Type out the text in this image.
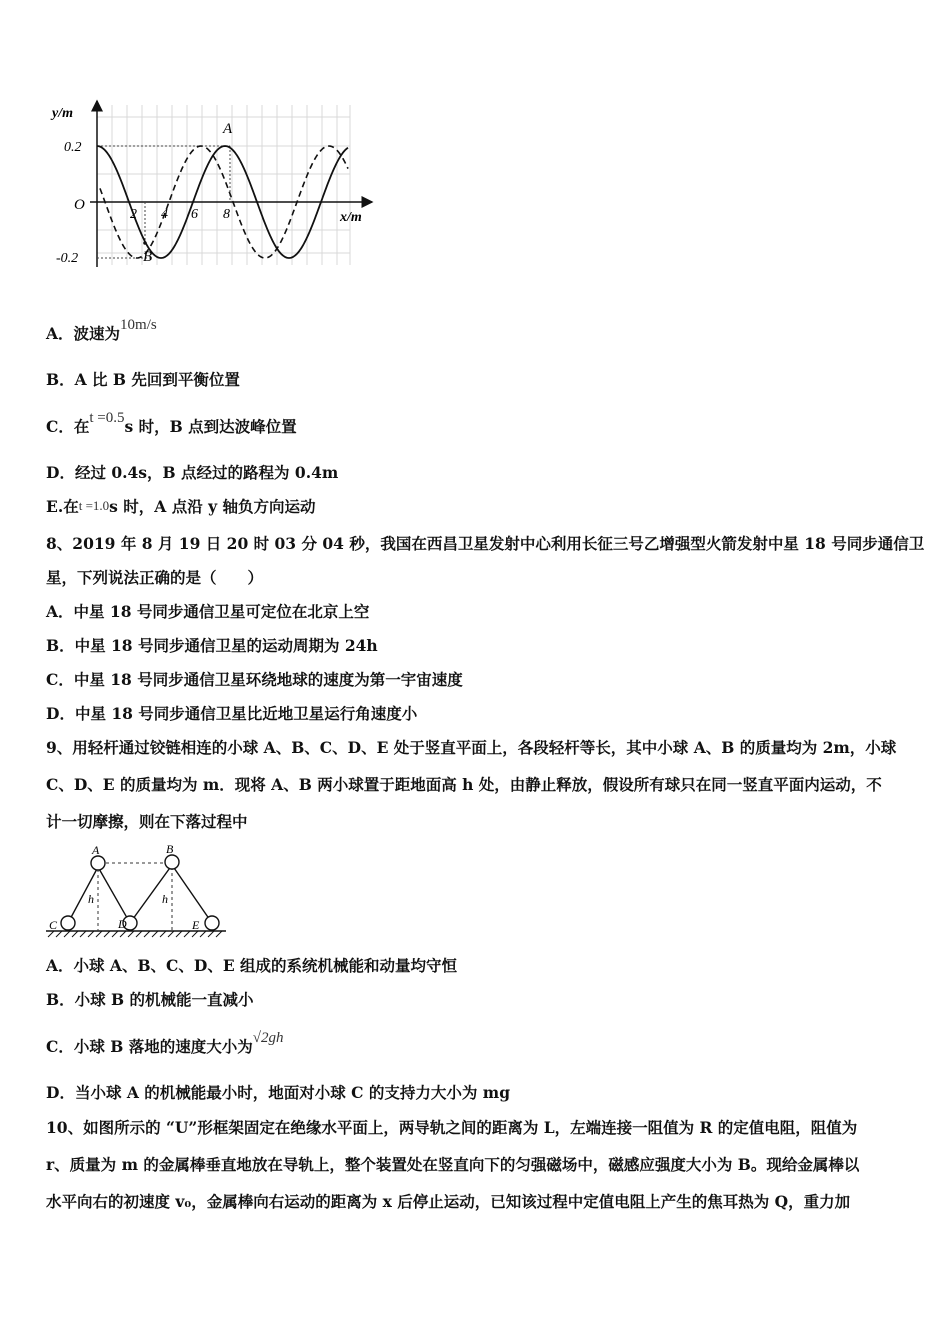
y/m
x/m
O
0.2
-0.2
2 4 6 8
A
B
A．波速为10m/s
B．A 比 B 先回到平衡位置
C．在t =0.5s 时，B 点到达波峰位置
D．经过 0.4s，B 点经过的路程为 0.4m
E.在t =1.0s 时，A 点沿 y 轴负方向运动
8、2019 年 8 月 19 日 20 时 03 分 04 秒，我国在西昌卫星发射中心利用长征三号乙增强型火箭发射中星 18 号同步通信卫
星，下列说法正确的是（　　）
A．中星 18 号同步通信卫星可定位在北京上空
B．中星 18 号同步通信卫星的运动周期为 24h
C．中星 18 号同步通信卫星环绕地球的速度为第一宇宙速度
D．中星 18 号同步通信卫星比近地卫星运行角速度小
9、用轻杆通过铰链相连的小球 A、B、C、D、E 处于竖直平面上，各段轻杆等长，其中小球 A、B 的质量均为 2m，小球
C、D、E 的质量均为 m．现将 A、B 两小球置于距地面高 h 处，由静止释放，假设所有球只在同一竖直平面内运动，不
计一切摩擦，则在下落过程中
A	B
C	D	E
h	h
A．小球 A、B、C、D、E 组成的系统机械能和动量均守恒
B．小球 B 的机械能一直减小
C．小球 B 落地的速度大小为√2gh
D．当小球 A 的机械能最小时，地面对小球 C 的支持力大小为 mg
10、如图所示的 “U”形框架固定在绝缘水平面上，两导轨之间的距离为 L，左端连接一阻值为 R 的定值电阻，阻值为
r、质量为 m 的金属棒垂直地放在导轨上，整个装置处在竖直向下的匀强磁场中，磁感应强度大小为 B。现给金属棒以
水平向右的初速度 v₀，金属棒向右运动的距离为 x 后停止运动，已知该过程中定值电阻上产生的焦耳热为 Q，重力加
